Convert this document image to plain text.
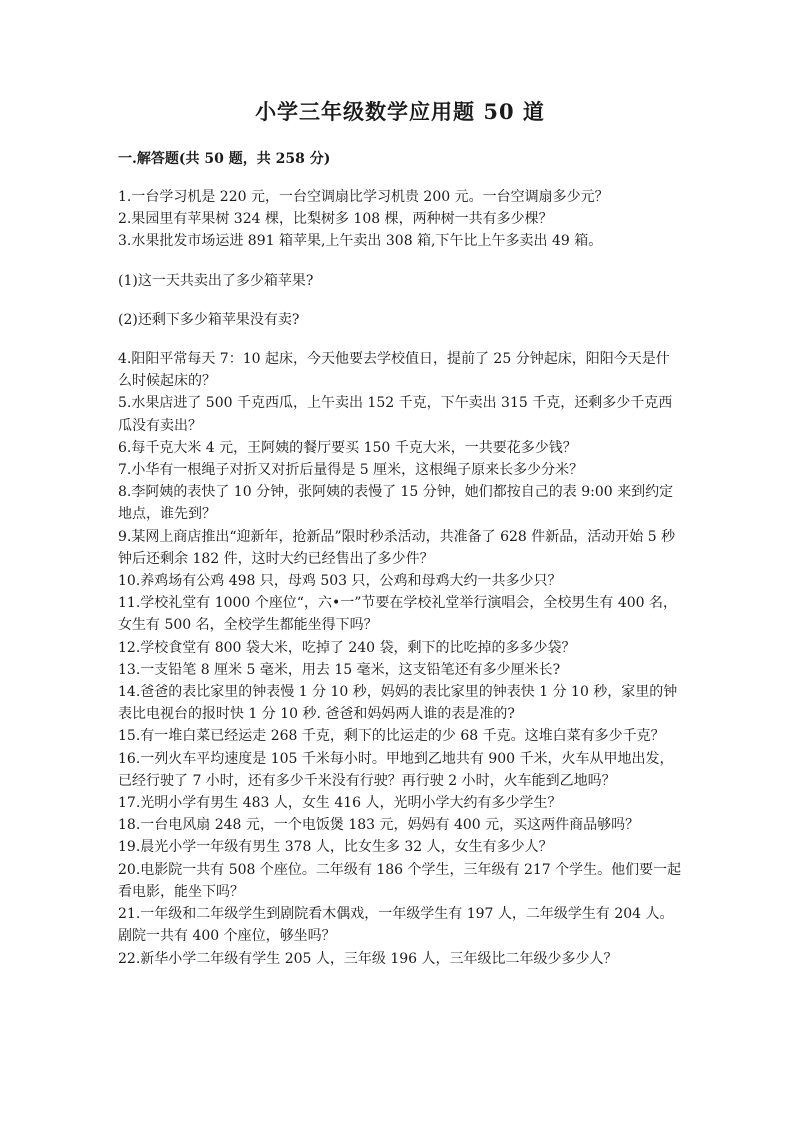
小学三年级数学应用题 50 道
一.解答题(共 50 题，共 258 分)

1.一台学习机是 220 元，一台空调扇比学习机贵 200 元。一台空调扇多少元？

2.果园里有苹果树 324 棵，比梨树多 108 棵，两种树一共有多少棵？

3.水果批发市场运进 891 箱苹果,上午卖出 308 箱,下午比上午多卖出 49 箱。

(1)这一天共卖出了多少箱苹果?

(2)还剩下多少箱苹果没有卖?

4.阳阳平常每天 7：10 起床，今天他要去学校值日，提前了 25 分钟起床，阳阳今天是什么时候起床的？

5.水果店进了 500 千克西瓜，上午卖出 152 千克，下午卖出 315 千克，还剩多少千克西瓜没有卖出？

6.每千克大米 4 元，王阿姨的餐厅要买 150 千克大米，一共要花多少钱？

7.小华有一根绳子对折又对折后量得是 5 厘米，这根绳子原来长多少分米？

8.李阿姨的表快了 10 分钟，张阿姨的表慢了 15 分钟，她们都按自己的表 9:00 来到约定地点，谁先到？

9.某网上商店推出“迎新年，抢新品”限时秒杀活动，共准备了 628 件新品，活动开始 5 秒钟后还剩余 182 件，这时大约已经售出了多少件？

10.养鸡场有公鸡 498 只，母鸡 503 只，公鸡和母鸡大约一共多少只？

11.学校礼堂有 1000 个座位“，六•一”节要在学校礼堂举行演唱会，全校男生有 400 名，女生有 500 名，全校学生都能坐得下吗？

12.学校食堂有 800 袋大米，吃掉了 240 袋，剩下的比吃掉的多多少袋？

13.一支铅笔 8 厘米 5 毫米，用去 15 毫米，这支铅笔还有多少厘米长?

14.爸爸的表比家里的钟表慢 1 分 10 秒，妈妈的表比家里的钟表快 1 分 10 秒，家里的钟表比电视台的报时快 1 分 10 秒. 爸爸和妈妈两人谁的表是准的?

15.有一堆白菜已经运走 268 千克，剩下的比运走的少 68 千克。这堆白菜有多少千克？

16.一列火车平均速度是 105 千米每小时。甲地到乙地共有 900 千米，火车从甲地出发，已经行驶了 7 小时，还有多少千米没有行驶？再行驶 2 小时，火车能到乙地吗？

17.光明小学有男生 483 人，女生 416 人，光明小学大约有多少学生？

18.一台电风扇 248 元，一个电饭煲 183 元，妈妈有 400 元，买这两件商品够吗？

19.晨光小学一年级有男生 378 人，比女生多 32 人，女生有多少人？

20.电影院一共有 508 个座位。二年级有 186 个学生，三年级有 217 个学生。他们要一起看电影，能坐下吗？

21.一年级和二年级学生到剧院看木偶戏，一年级学生有 197 人，二年级学生有 204 人。剧院一共有 400 个座位，够坐吗？

22.新华小学二年级有学生 205 人，三年级 196 人，三年级比二年级少多少人？
